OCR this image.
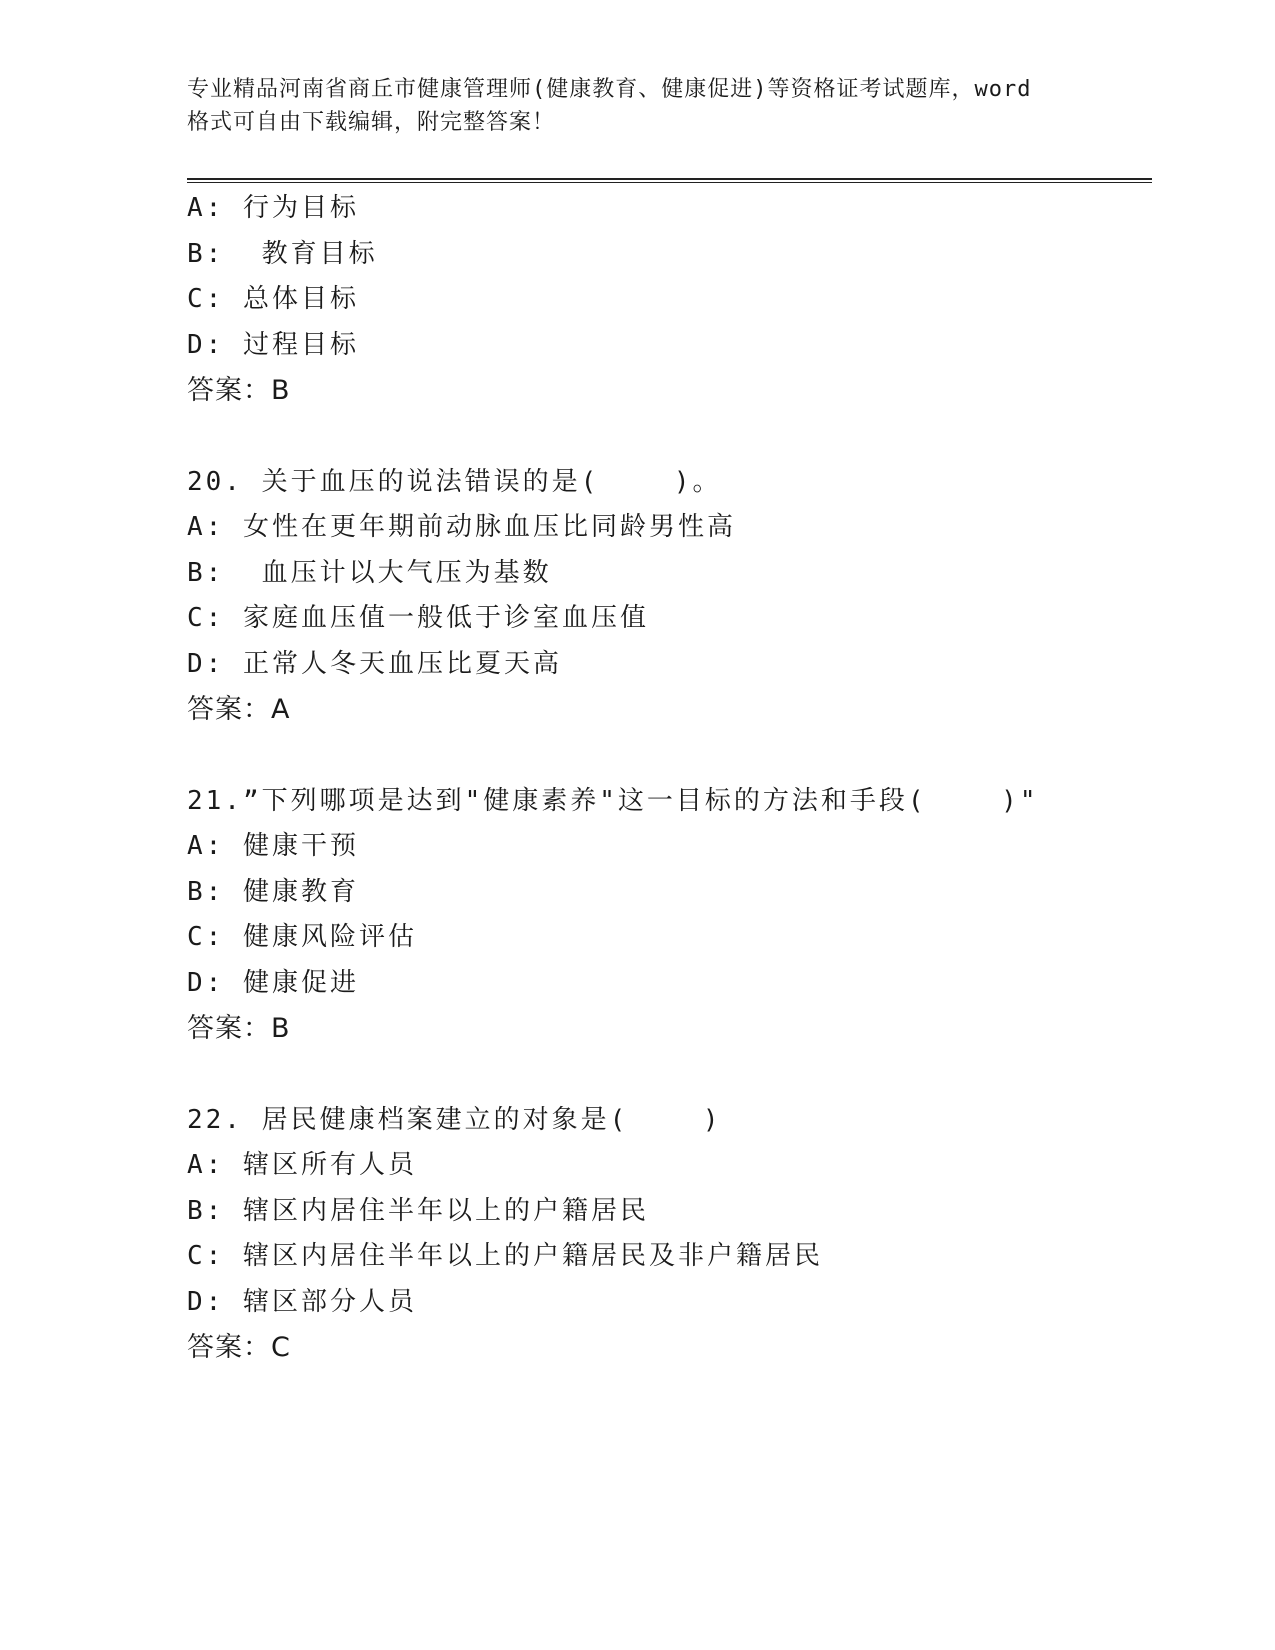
专业精品河南省商丘市健康管理师(健康教育、健康促进)等资格证考试题库，word
格式可自由下载编辑，附完整答案！
A: 行为目标
B:  教育目标
C: 总体目标
D: 过程目标
答案：B
20. 关于血压的说法错误的是(    )。
A: 女性在更年期前动脉血压比同龄男性高
B:  血压计以大气压为基数
C: 家庭血压值一般低于诊室血压值
D: 正常人冬天血压比夏天高
答案：A
21.”下列哪项是达到"健康素养"这一目标的方法和手段(    )"
A: 健康干预
B: 健康教育
C: 健康风险评估
D: 健康促进
答案：B
22. 居民健康档案建立的对象是(    )
A: 辖区所有人员
B: 辖区内居住半年以上的户籍居民
C: 辖区内居住半年以上的户籍居民及非户籍居民
D: 辖区部分人员
答案：C
